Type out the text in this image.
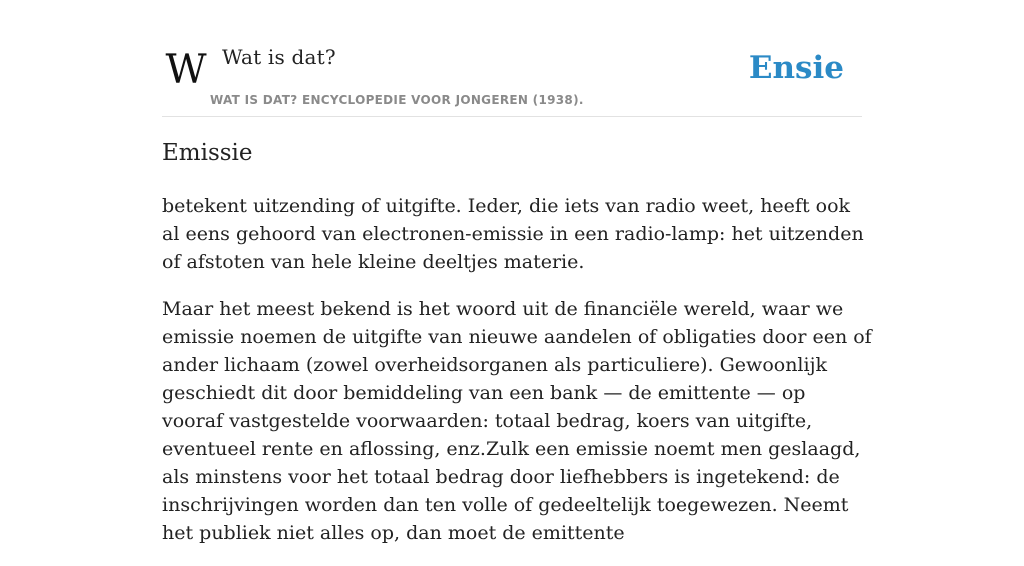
W Wat is dat?
WAT IS DAT? ENCYCLOPEDIE VOOR JONGEREN (1938).
Ensie
Emissie

betekent uitzending of uitgifte. Ieder, die iets van radio weet, heeft ook al eens gehoord van electronen-emissie in een radio-lamp: het uitzenden of afstoten van hele kleine deeltjes materie.

Maar het meest bekend is het woord uit de financiële wereld, waar we emissie noemen de uitgifte van nieuwe aandelen of obligaties door een of ander lichaam (zowel overheidsorganen als particuliere). Gewoonlijk geschiedt dit door bemiddeling van een bank — de emittente — op vooraf vastgestelde voorwaarden: totaal bedrag, koers van uitgifte, eventueel rente en aflossing, enz.Zulk een emissie noemt men geslaagd, als minstens voor het totaal bedrag door liefhebbers is ingetekend: de inschrijvingen worden dan ten volle of gedeeltelijk toegewezen. Neemt het publiek niet alles op, dan moet de emittente
